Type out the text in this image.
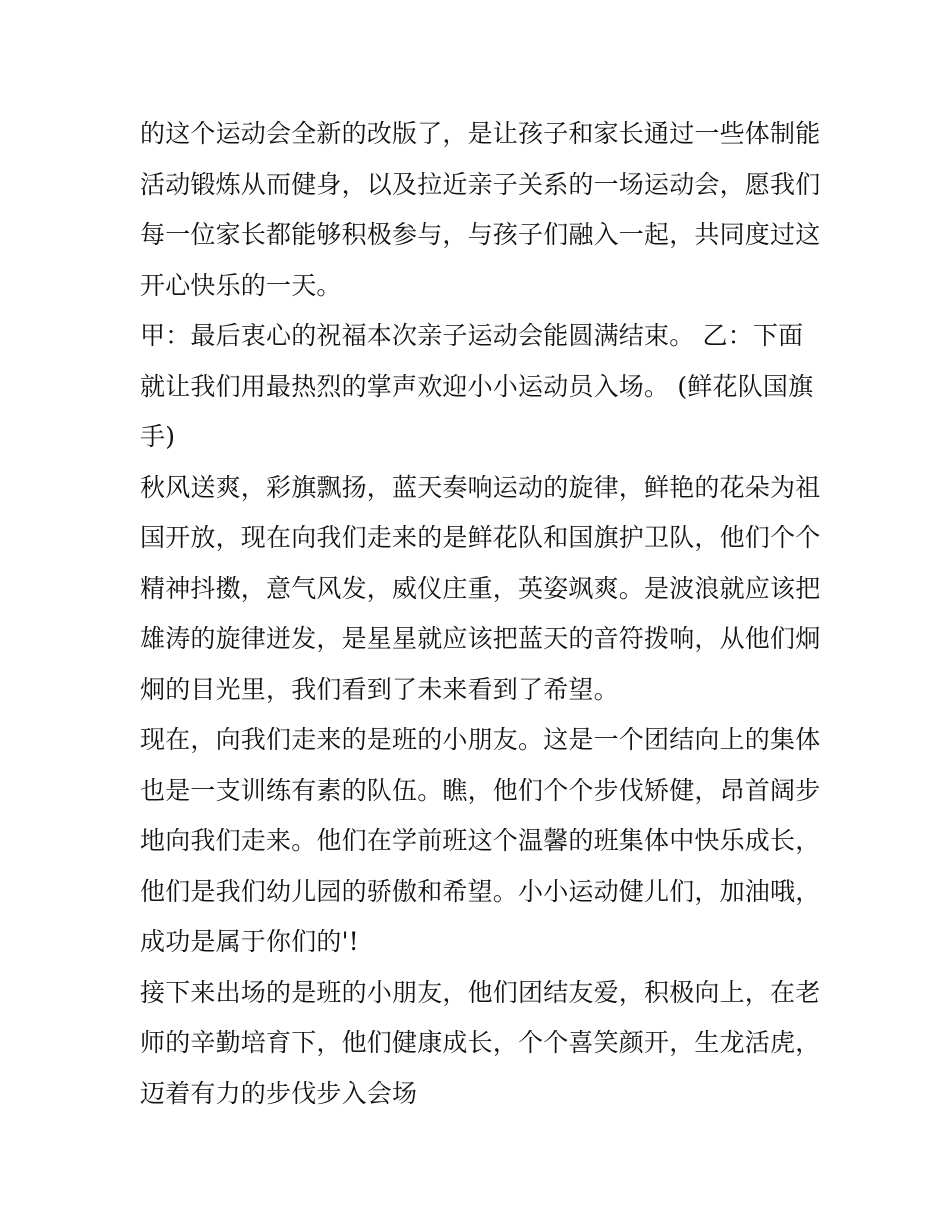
的这个运动会全新的改版了，是让孩子和家长通过一些体制能
活动锻炼从而健身，以及拉近亲子关系的一场运动会，愿我们
每一位家长都能够积极参与，与孩子们融入一起，共同度过这
开心快乐的一天。
甲：最后衷心的祝福本次亲子运动会能圆满结束。 乙：下面
就让我们用最热烈的掌声欢迎小小运动员入场。 (鲜花队国旗
手)
秋风送爽，彩旗飘扬，蓝天奏响运动的旋律，鲜艳的花朵为祖
国开放，现在向我们走来的是鲜花队和国旗护卫队，他们个个
精神抖擞，意气风发，威仪庄重，英姿飒爽。是波浪就应该把
雄涛的旋律迸发，是星星就应该把蓝天的音符拨响，从他们炯
炯的目光里，我们看到了未来看到了希望。
现在，向我们走来的是班的小朋友。这是一个团结向上的集体
也是一支训练有素的队伍。瞧，他们个个步伐矫健，昂首阔步
地向我们走来。他们在学前班这个温馨的班集体中快乐成长，
他们是我们幼儿园的骄傲和希望。小小运动健儿们，加油哦，
成功是属于你们的'!
接下来出场的是班的小朋友，他们团结友爱，积极向上，在老
师的辛勤培育下，他们健康成长，个个喜笑颜开，生龙活虎，
迈着有力的步伐步入会场
